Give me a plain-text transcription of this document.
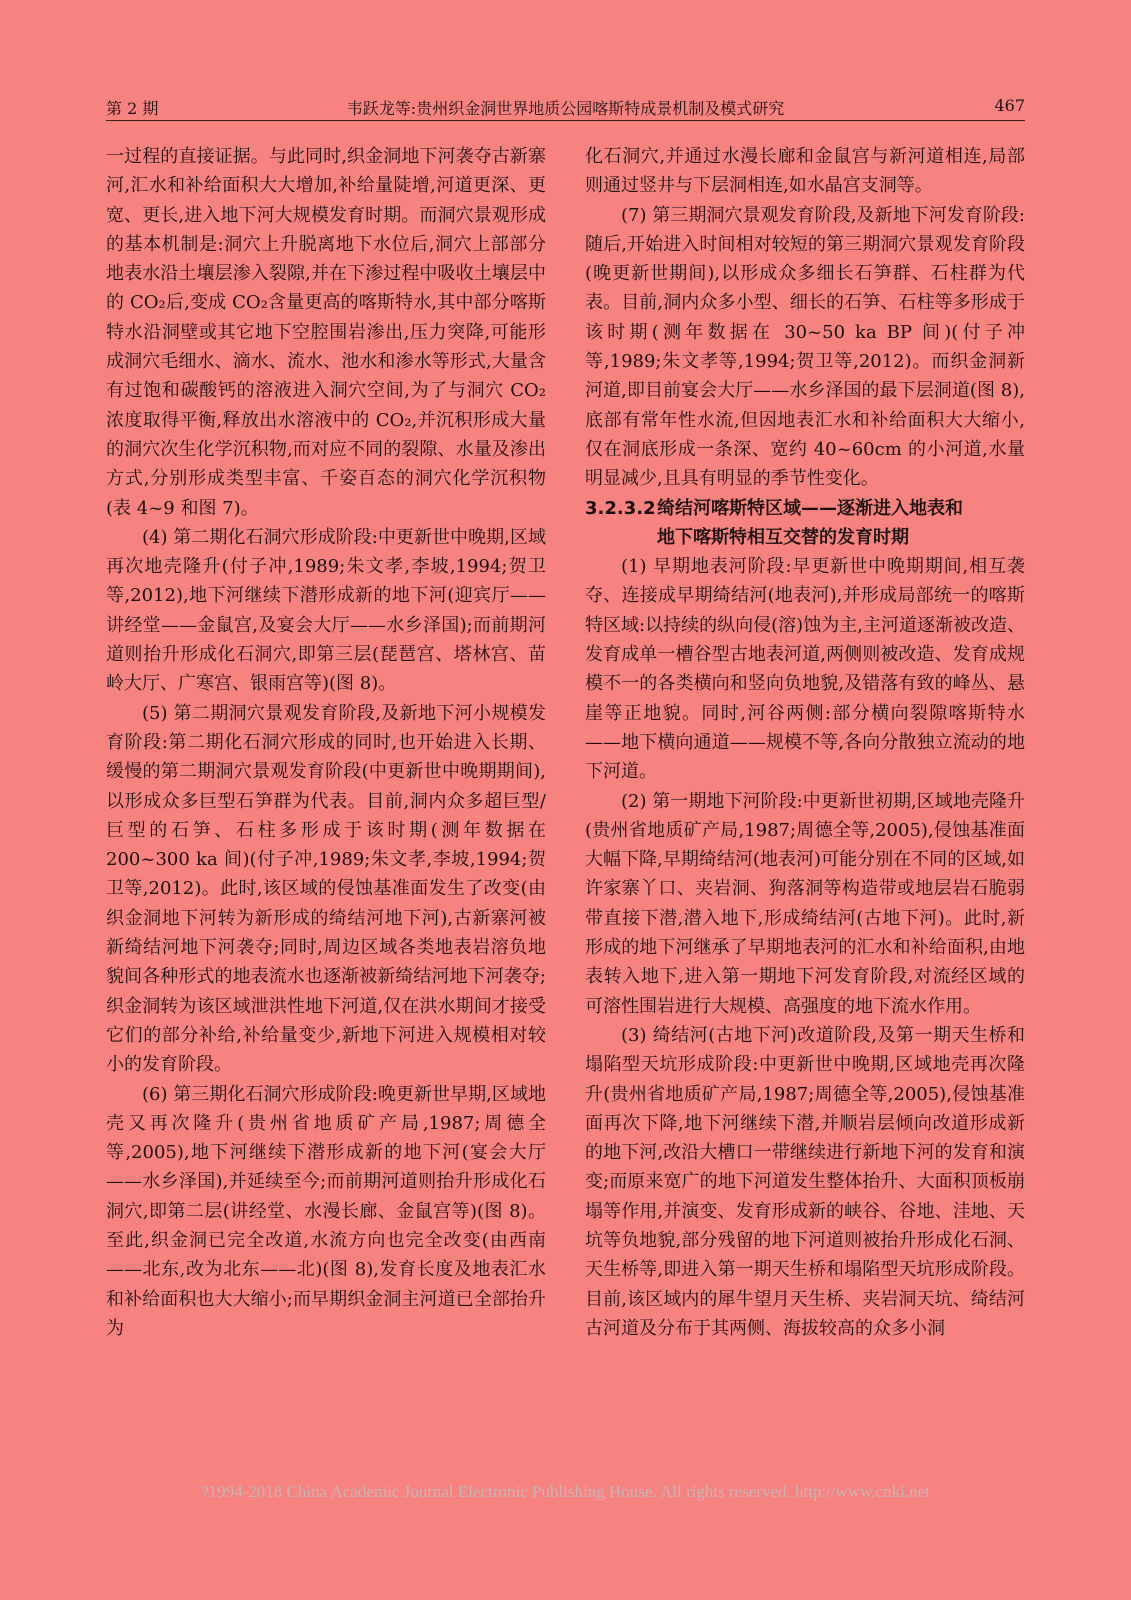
第 2 期	韦跃龙等:贵州织金洞世界地质公园喀斯特成景机制及模式研究	467

一过程的直接证据。与此同时,织金洞地下河袭夺古新寨河,汇水和补给面积大大增加,补给量陡增,河道更深、更宽、更长,进入地下河大规模发育时期。而洞穴景观形成的基本机制是:洞穴上升脱离地下水位后,洞穴上部部分地表水沿土壤层渗入裂隙,并在下渗过程中吸收土壤层中的 CO₂后,变成 CO₂含量更高的喀斯特水,其中部分喀斯特水沿洞壁或其它地下空腔围岩渗出,压力突降,可能形成洞穴毛细水、滴水、流水、池水和渗水等形式,大量含有过饱和碳酸钙的溶液进入洞穴空间,为了与洞穴 CO₂浓度取得平衡,释放出水溶液中的 CO₂,并沉积形成大量的洞穴次生化学沉积物,而对应不同的裂隙、水量及渗出方式,分别形成类型丰富、千姿百态的洞穴化学沉积物(表 4~9 和图 7)。

(4) 第二期化石洞穴形成阶段:中更新世中晚期,区域再次地壳隆升(付子冲,1989;朱文孝,李坡,1994;贺卫等,2012),地下河继续下潜形成新的地下河(迎宾厅——讲经堂——金鼠宫,及宴会大厅——水乡泽国);而前期河道则抬升形成化石洞穴,即第三层(琵琶宫、塔林宫、苗岭大厅、广寒宫、银雨宫等)(图 8)。

(5) 第二期洞穴景观发育阶段,及新地下河小规模发育阶段:第二期化石洞穴形成的同时,也开始进入长期、缓慢的第二期洞穴景观发育阶段(中更新世中晚期期间),以形成众多巨型石笋群为代表。目前,洞内众多超巨型/巨型的石笋、石柱多形成于该时期(测年数据在 200~300 ka 间)(付子冲,1989;朱文孝,李坡,1994;贺卫等,2012)。此时,该区域的侵蚀基准面发生了改变(由织金洞地下河转为新形成的绮结河地下河),古新寨河被新绮结河地下河袭夺;同时,周边区域各类地表岩溶负地貌间各种形式的地表流水也逐渐被新绮结河地下河袭夺;织金洞转为该区域泄洪性地下河道,仅在洪水期间才接受它们的部分补给,补给量变少,新地下河进入规模相对较小的发育阶段。

(6) 第三期化石洞穴形成阶段:晚更新世早期,区域地壳又再次隆升(贵州省地质矿产局,1987;周德全等,2005),地下河继续下潜形成新的地下河(宴会大厅——水乡泽国),并延续至今;而前期河道则抬升形成化石洞穴,即第二层(讲经堂、水漫长廊、金鼠宫等)(图 8)。至此,织金洞已完全改道,水流方向也完全改变(由西南——北东,改为北东——北)(图 8),发育长度及地表汇水和补给面积也大大缩小;而早期织金洞主河道已全部抬升为

化石洞穴,并通过水漫长廊和金鼠宫与新河道相连,局部则通过竖井与下层洞相连,如水晶宫支洞等。

(7) 第三期洞穴景观发育阶段,及新地下河发育阶段:随后,开始进入时间相对较短的第三期洞穴景观发育阶段(晚更新世期间),以形成众多细长石笋群、石柱群为代表。目前,洞内众多小型、细长的石笋、石柱等多形成于该时期(测年数据在 30~50 ka BP 间)(付子冲等,1989;朱文孝等,1994;贺卫等,2012)。而织金洞新河道,即目前宴会大厅——水乡泽国的最下层洞道(图 8),底部有常年性水流,但因地表汇水和补给面积大大缩小,仅在洞底形成一条深、宽约 40~60cm 的小河道,水量明显减少,且具有明显的季节性变化。

3.2.3.2绮结河喀斯特区域——逐渐进入地表和
地下喀斯特相互交替的发育时期

(1) 早期地表河阶段:早更新世中晚期期间,相互袭夺、连接成早期绮结河(地表河),并形成局部统一的喀斯特区域:以持续的纵向侵(溶)蚀为主,主河道逐渐被改造、发育成单一槽谷型古地表河道,两侧则被改造、发育成规模不一的各类横向和竖向负地貌,及错落有致的峰丛、悬崖等正地貌。同时,河谷两侧:部分横向裂隙喀斯特水——地下横向通道——规模不等,各向分散独立流动的地下河道。

(2) 第一期地下河阶段:中更新世初期,区域地壳隆升(贵州省地质矿产局,1987;周德全等,2005),侵蚀基准面大幅下降,早期绮结河(地表河)可能分别在不同的区域,如许家寨丫口、夹岩洞、狗落洞等构造带或地层岩石脆弱带直接下潜,潜入地下,形成绮结河(古地下河)。此时,新形成的地下河继承了早期地表河的汇水和补给面积,由地表转入地下,进入第一期地下河发育阶段,对流经区域的可溶性围岩进行大规模、高强度的地下流水作用。

(3) 绮结河(古地下河)改道阶段,及第一期天生桥和塌陷型天坑形成阶段:中更新世中晚期,区域地壳再次隆升(贵州省地质矿产局,1987;周德全等,2005),侵蚀基准面再次下降,地下河继续下潜,并顺岩层倾向改道形成新的地下河,改沿大槽口一带继续进行新地下河的发育和演变;而原来宽广的地下河道发生整体抬升、大面积顶板崩塌等作用,并演变、发育形成新的峡谷、谷地、洼地、天坑等负地貌,部分残留的地下河道则被抬升形成化石洞、天生桥等,即进入第一期天生桥和塌陷型天坑形成阶段。目前,该区域内的犀牛望月天生桥、夹岩洞天坑、绮结河古河道及分布于其两侧、海拔较高的众多小洞

?1994-2018 China Academic Journal Electronic Publishing House. All rights reserved. http://www.cnki.net
